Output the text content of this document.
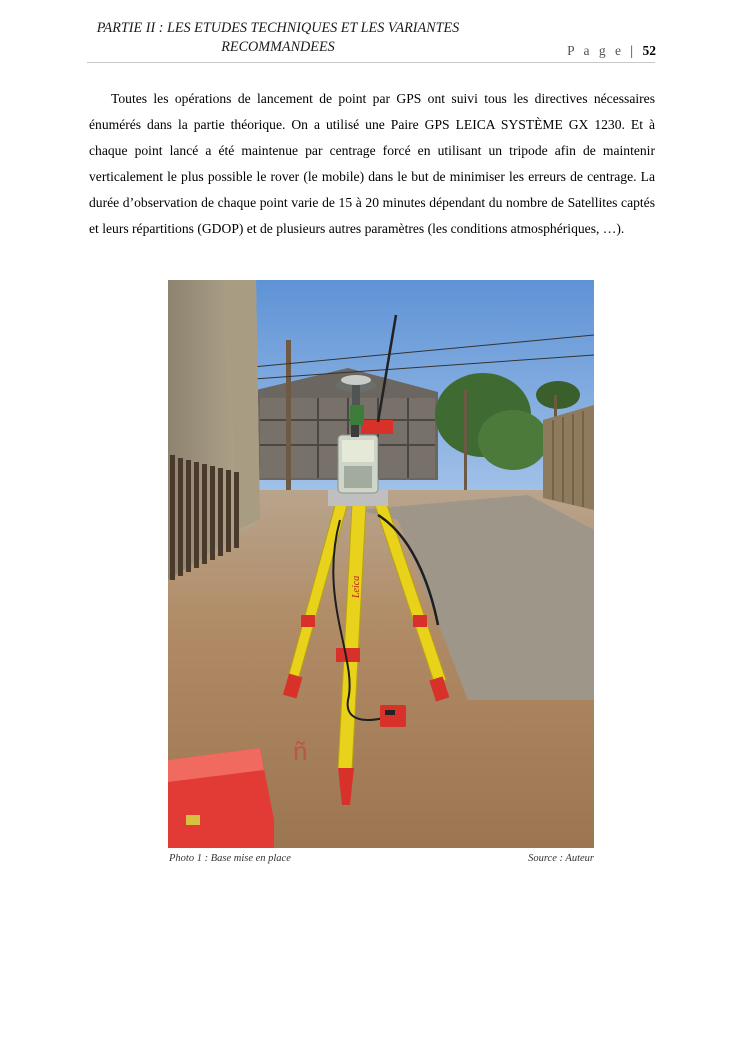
PARTIE II : LES ETUDES TECHNIQUES ET LES VARIANTES RECOMMANDEES	P a g e | 52

Toutes les opérations de lancement de point par GPS ont suivi tous les directives nécessaires énumérés dans la partie théorique. On a utilisé une Paire GPS LEICA SYSTÈME GX 1230. Et à chaque point lancé a été maintenue par centrage forcé en utilisant un tripode afin de maintenir verticalement le plus possible le rover (le mobile) dans le but de minimiser les erreurs de centrage. La durée d’observation de chaque point varie de 15 à 20 minutes dépendant du nombre de Satellites captés et leurs répartitions (GDOP) et de plusieurs autres paramètres (les conditions atmosphériques, …).

Leica
ñ
Photo 1 : Base mise en place	Source : Auteur
